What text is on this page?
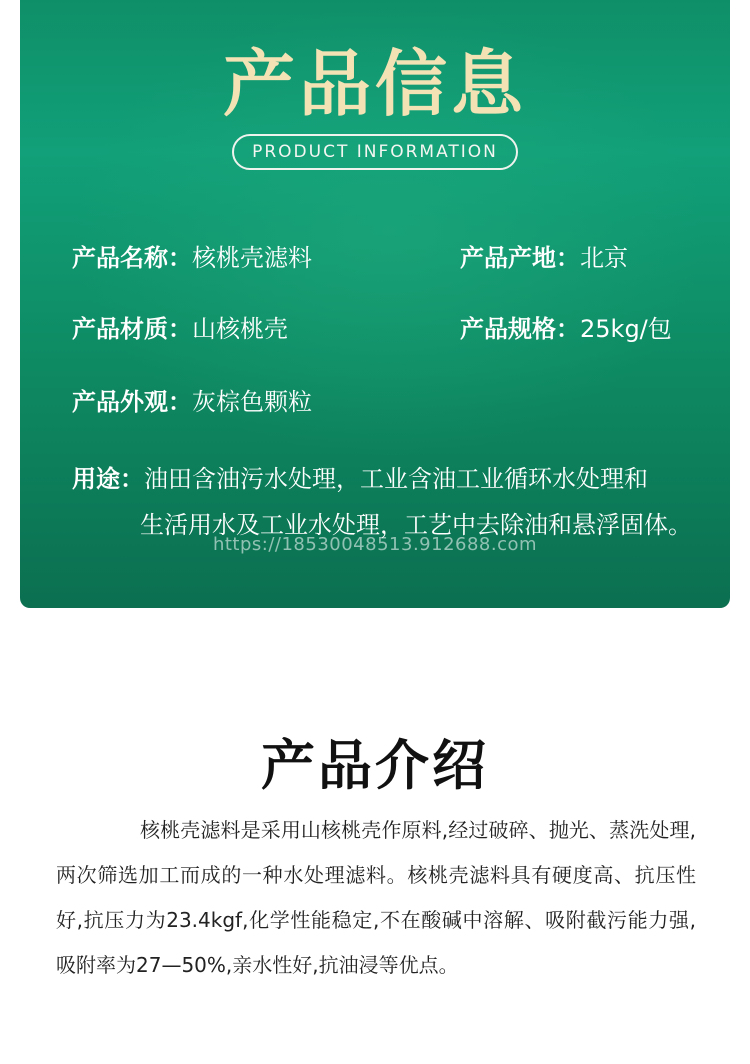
产品信息
PRODUCT INFORMATION
产品名称：核桃壳滤料	产品产地：北京
产品材质：山核桃壳	产品规格：25kg/包
产品外观：灰棕色颗粒
用途：油田含油污水处理，工业含油工业循环水处理和
生活用水及工业水处理，工艺中去除油和悬浮固体。
https://18530048513.912688.com
产品介绍

核桃壳滤料是采用山核桃壳作原料,经过破碎、抛光、蒸洗处理,两次筛选加工而成的一种水处理滤料。核桃壳滤料具有硬度高、抗压性好,抗压力为23.4kgf,化学性能稳定,不在酸碱中溶解、吸附截污能力强,吸附率为27—50%,亲水性好,抗油浸等优点。
